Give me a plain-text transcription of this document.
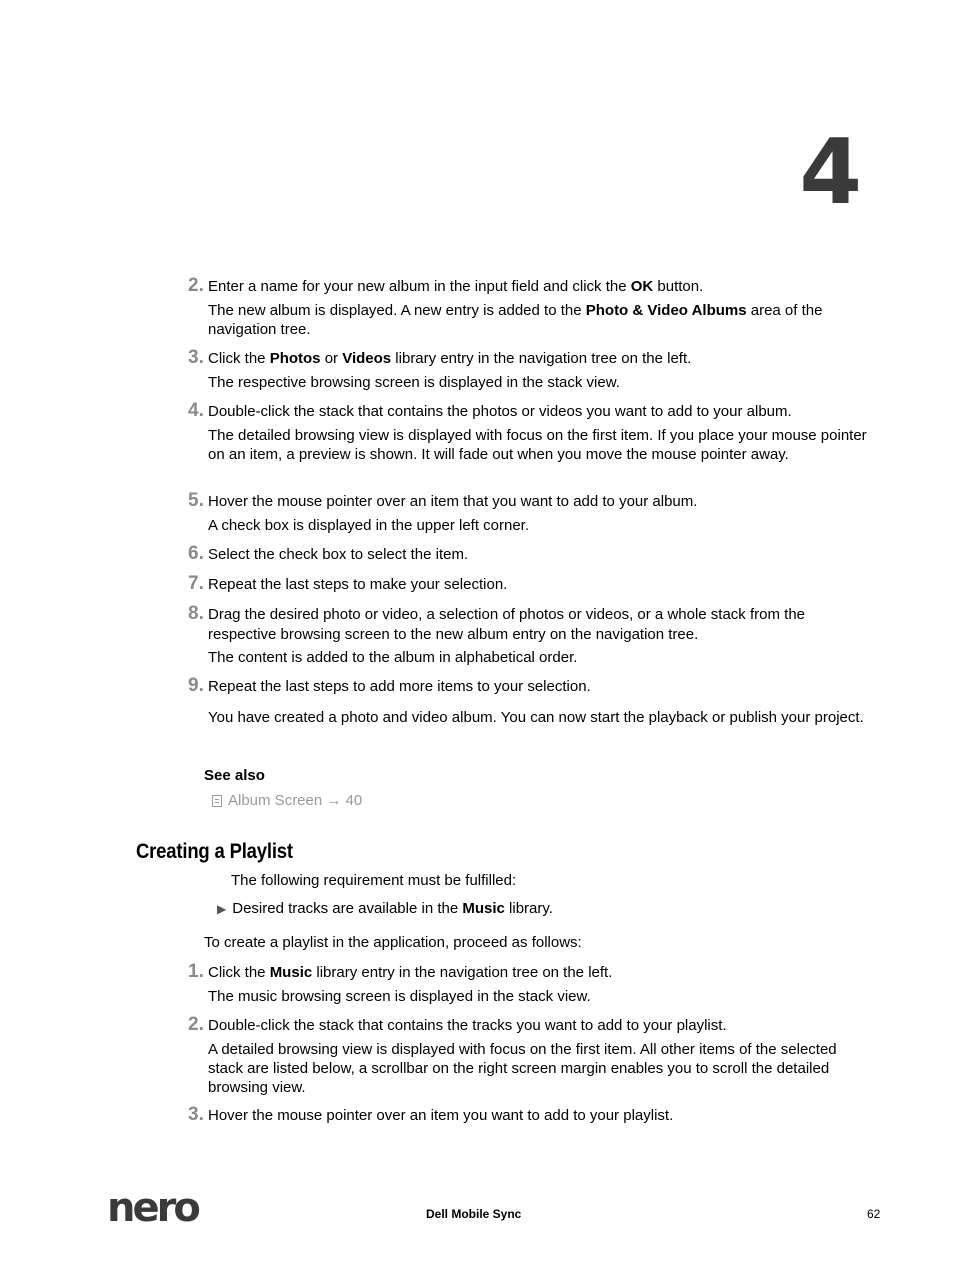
4
2. Enter a name for your new album in the input field and click the OK button.
The new album is displayed. A new entry is added to the Photo & Video Albums area of the navigation tree.
3. Click the Photos or Videos library entry in the navigation tree on the left.
The respective browsing screen is displayed in the stack view.
4. Double-click the stack that contains the photos or videos you want to add to your album.
The detailed browsing view is displayed with focus on the first item. If you place your mouse pointer on an item, a preview is shown. It will fade out when you move the mouse pointer away.
5. Hover the mouse pointer over an item that you want to add to your album.
A check box is displayed in the upper left corner.
6. Select the check box to select the item.
7. Repeat the last steps to make your selection.
8. Drag the desired photo or video, a selection of photos or videos, or a whole stack from the respective browsing screen to the new album entry on the navigation tree.
The content is added to the album in alphabetical order.
9. Repeat the last steps to add more items to your selection.
You have created a photo and video album. You can now start the playback or publish your project.
See also
Album Screen → 40
Creating a Playlist
The following requirement must be fulfilled:
▶ Desired tracks are available in the Music library.
To create a playlist in the application, proceed as follows:
1. Click the Music library entry in the navigation tree on the left.
The music browsing screen is displayed in the stack view.
2. Double-click the stack that contains the tracks you want to add to your playlist.
A detailed browsing view is displayed with focus on the first item. All other items of the selected stack are listed below, a scrollbar on the right screen margin enables you to scroll the detailed browsing view.
3. Hover the mouse pointer over an item you want to add to your playlist.
nero	Dell Mobile Sync	62
